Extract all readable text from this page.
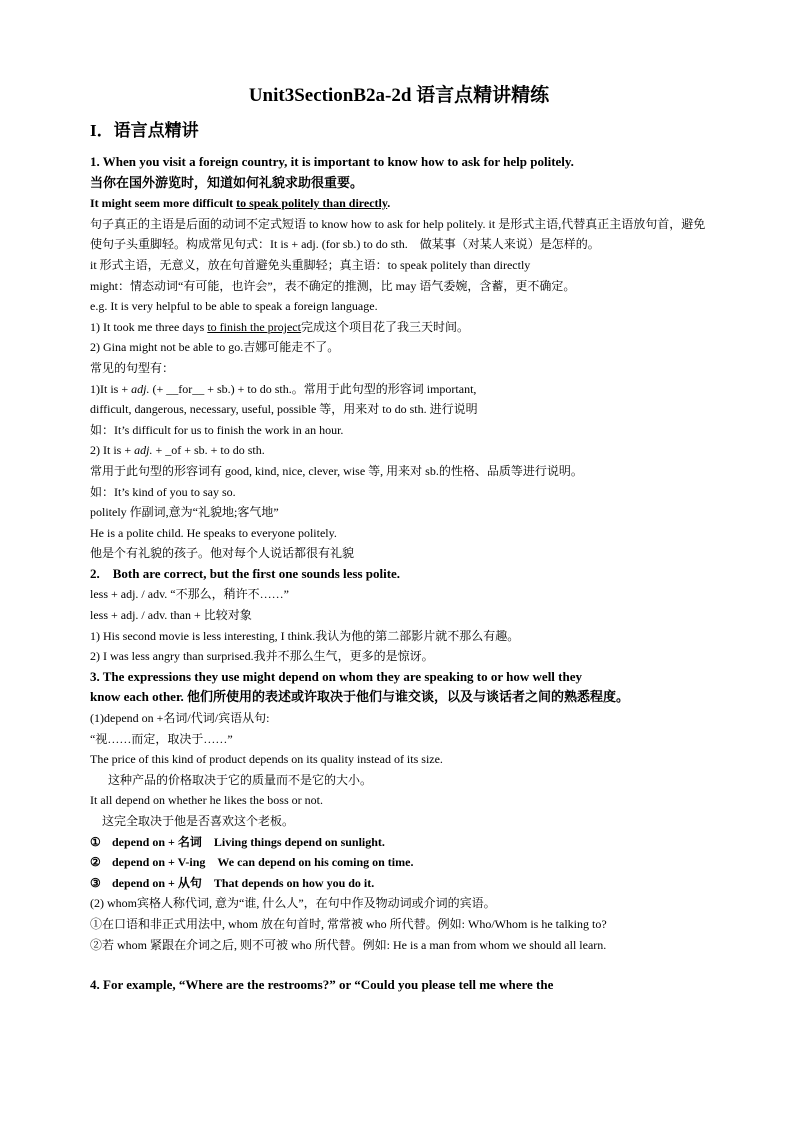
Unit3SectionB2a-2d 语言点精讲精练
I．语言点精讲
1. When you visit a foreign country, it is important to know how to ask for help politely.
当你在国外游览时，知道如何礼貌求助很重要。
It might seem more difficult to speak politely than directly.
句子真正的主语是后面的动词不定式短语 to know how to ask for help politely. it 是形式主语,代替真正主语放句首，避免使句子头重脚轻。构成常见句式：It is + adj. (for sb.) to do sth.　做某事（对某人来说）是怎样的。
it 形式主语，无意义，放在句首避免头重脚轻；真主语：to speak politely than directly
might：情态动词“有可能，也许会”，表不确定的推测，比 may 语气委婉，含蓄，更不确定。
e.g. It is very helpful to be able to speak a foreign language.
1) It took me three days to finish the project完成这个项目花了我三天时间。
2) Gina might not be able to go.吉娜可能走不了。
常见的句型有：
1)It is + adj. (+ __for__ + sb.) + to do sth.。常用于此句型的形容词 important,
difficult, dangerous, necessary, useful, possible 等，用来对 to do sth. 进行说明
如：It’s difficult for us to finish the work in an hour.
2) It is + adj. + _of + sb. + to do sth.
常用于此句型的形容词有 good, kind, nice, clever, wise 等, 用来对 sb.的性格、品质等进行说明。
如：It’s kind of you to say so.
politely 作副词,意为“礼貌地;客气地”
He is a polite child. He speaks to everyone politely.
他是个有礼貌的孩子。他对每个人说话都很有礼貌
2.　Both are correct, but the first one sounds less polite.
less + adj. / adv. “不那么，稍许不……”
less + adj. / adv. than + 比较对象
1) His second movie is less interesting, I think.我认为他的第二部影片就不那么有趣。
2) I was less angry than surprised.我并不那么生气，更多的是惊讶。
3. The expressions they use might depend on whom they are speaking to or how well they
know each other. 他们所使用的表述或许取决于他们与谁交谈，以及与谈话者之间的熟悉程度。
(1)depend on +名词/代词/宾语从句:
“视……而定，取决于……”
The price of this kind of product depends on its quality instead of its size.
这种产品的价格取决于它的质量而不是它的大小。
It all depend on whether he likes the boss or not.
这完全取决于他是否喜欢这个老板。
① depend on + 名词　Living things depend on sunlight.
② depend on + V-ing　We can depend on his coming on time.
③ depend on + 从句　That depends on how you do it.
(2) whom宾格人称代词, 意为“谁, 什么人”，在句中作及物动词或介词的宾语。
①在口语和非正式用法中, whom 放在句首时, 常常被 who 所代替。例如: Who/Whom is he talking to?
②若 whom 紧跟在介词之后, 则不可被 who 所代替。例如: He is a man from whom we should all learn.
4. For example, “Where are the restrooms?” or “Could you please tell me where the
